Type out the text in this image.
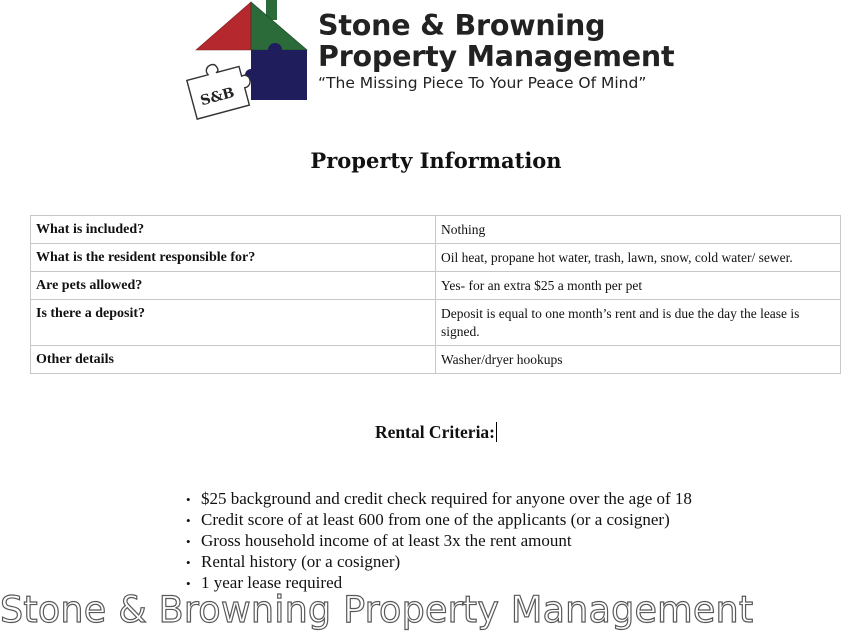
S&B
Stone & Browning
Property Management
“The Missing Piece To Your Peace Of Mind”
Property Information
What is included?	Nothing
What is the resident responsible for?	Oil heat, propane hot water, trash, lawn, snow, cold water/ sewer.
Are pets allowed?	Yes- for an extra $25 a month per pet
Is there a deposit?	Deposit is equal to one month’s rent and is due the day the lease is signed.
Other details	Washer/dryer hookups
Rental Criteria:
• $25 background and credit check required for anyone over the age of 18
• Credit score of at least 600 from one of the applicants (or a cosigner)
• Gross household income of at least 3x the rent amount
• Rental history (or a cosigner)
• 1 year lease required
Stone & Browning Property Management
